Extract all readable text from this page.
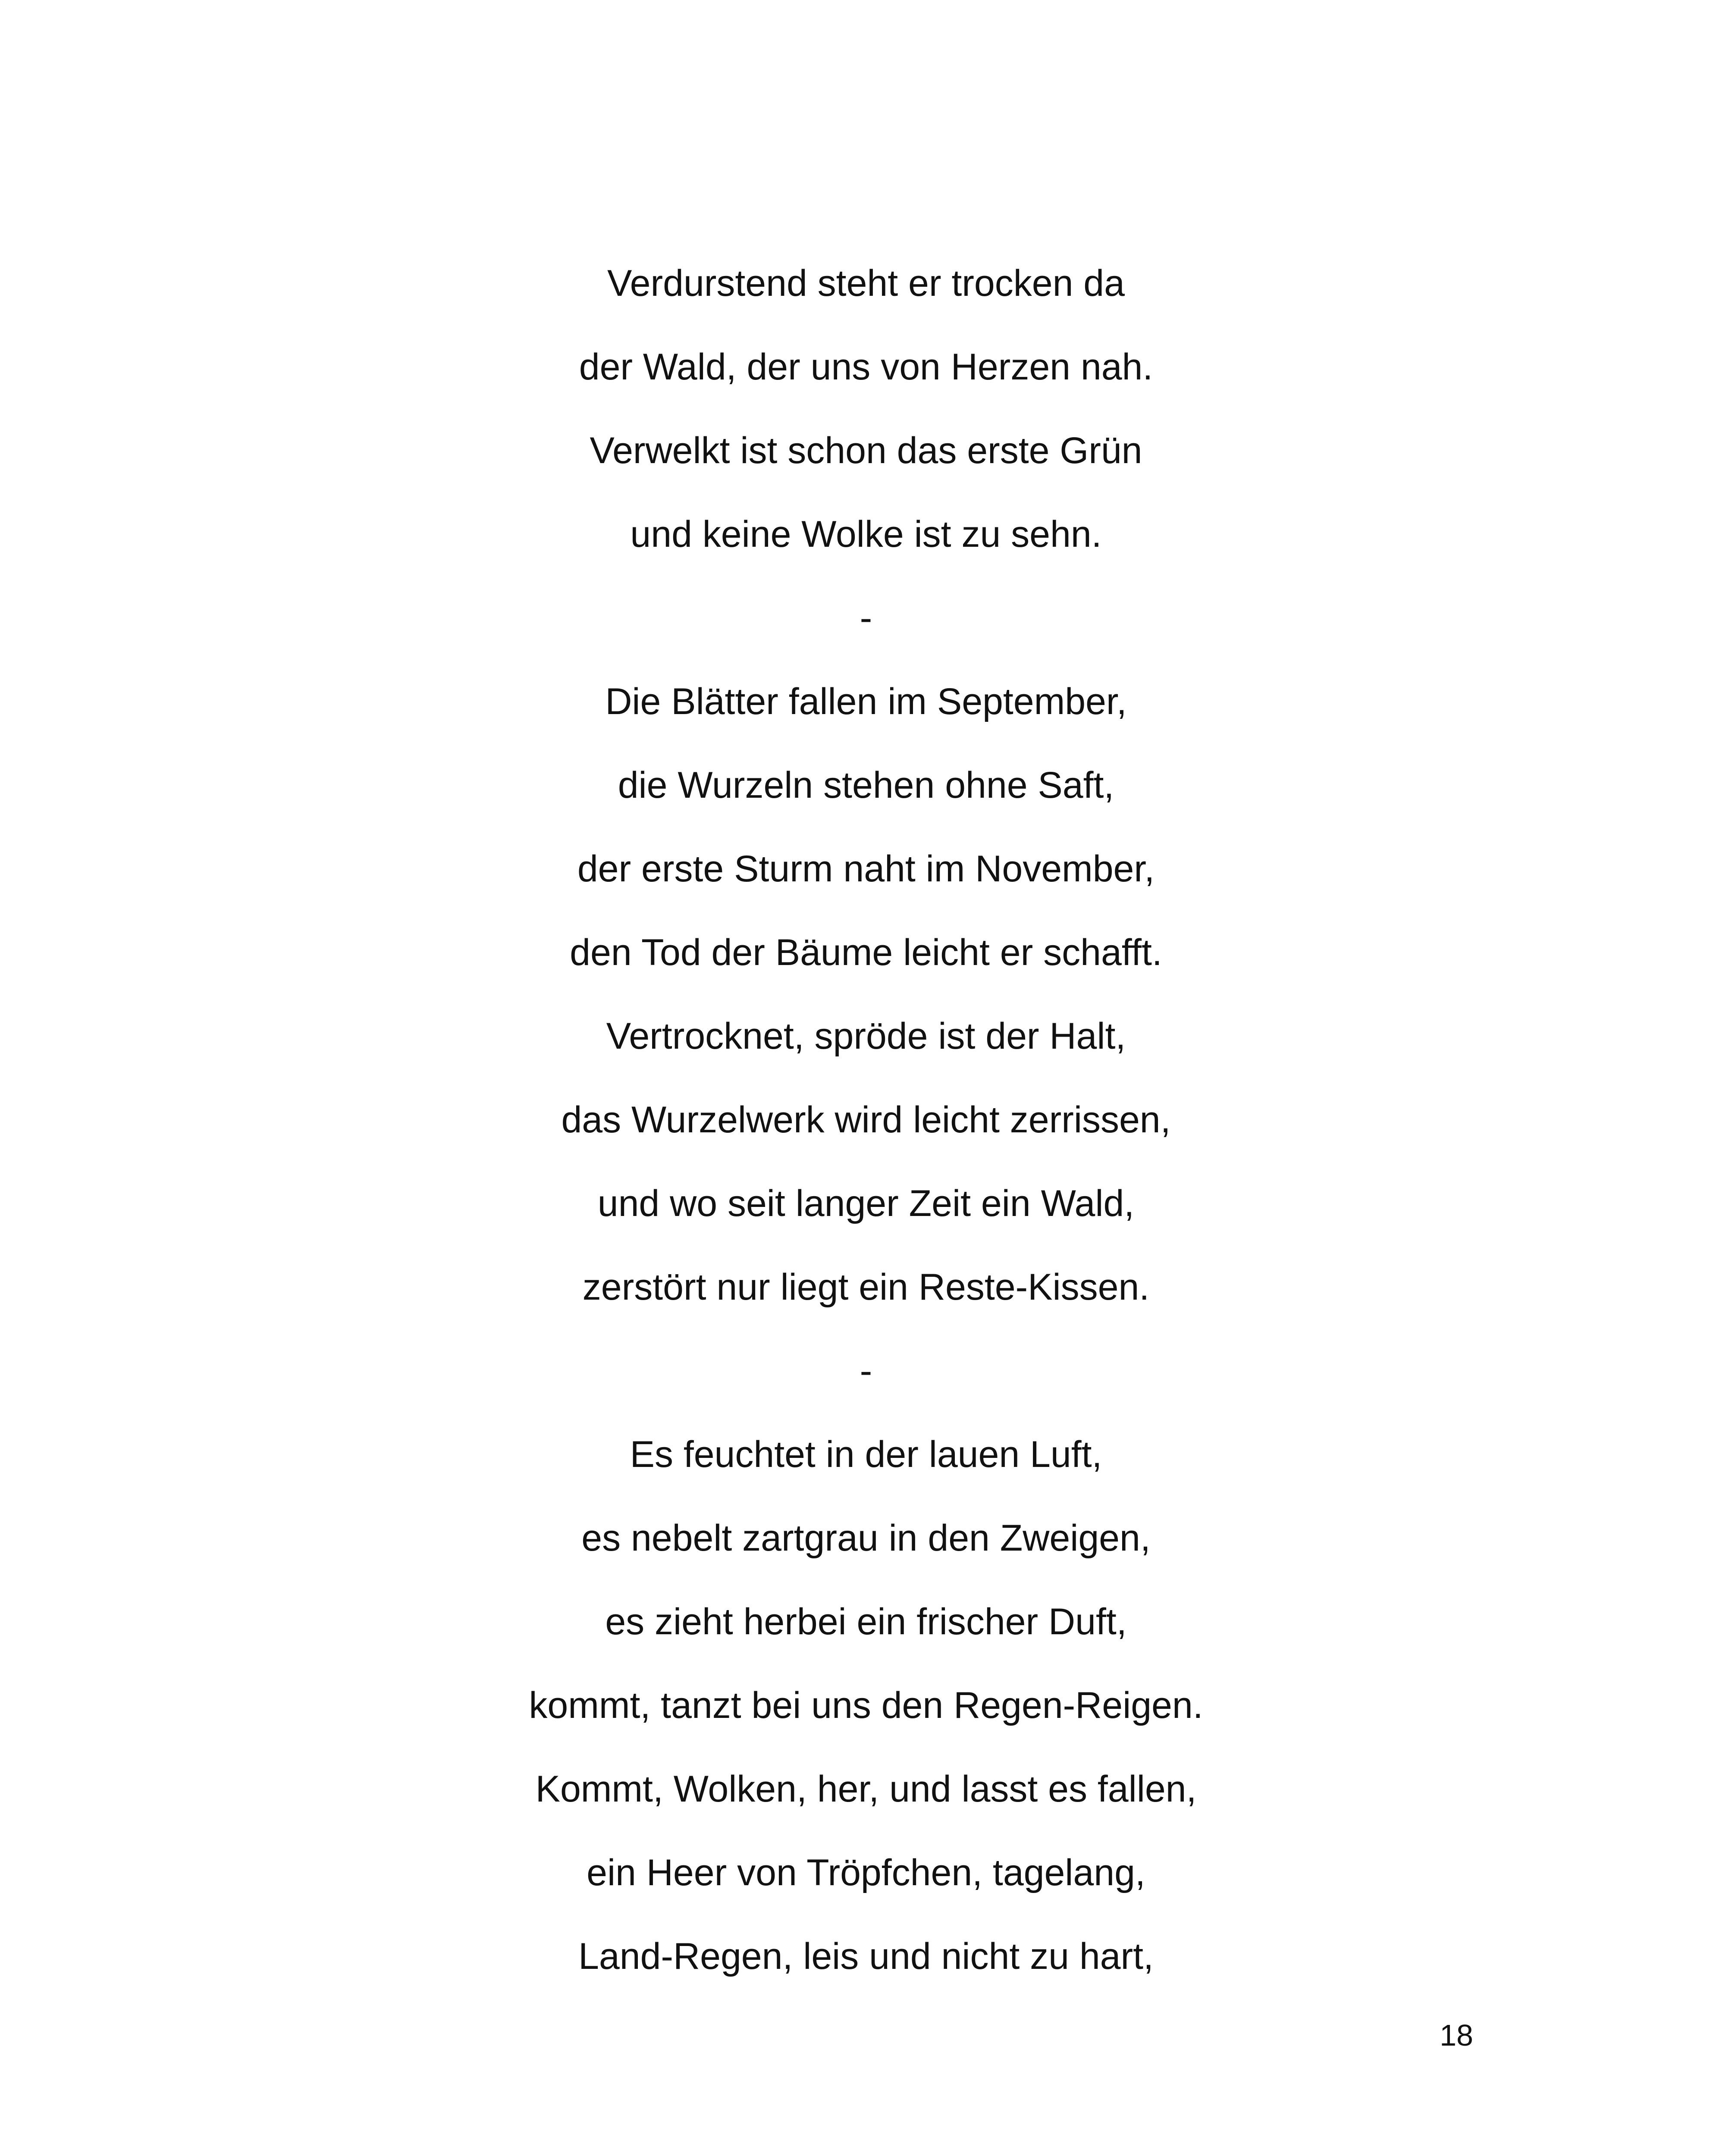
Verdurstend steht er trocken da
der Wald, der uns von Herzen nah.
Verwelkt ist schon das erste Grün
und keine Wolke ist zu sehn.
-
Die Blätter fallen im September,
die Wurzeln stehen ohne Saft,
der erste Sturm naht im November,
den Tod der Bäume leicht er schafft.
Vertrocknet, spröde ist der Halt,
das Wurzelwerk wird leicht zerrissen,
und wo seit langer Zeit ein Wald,
zerstört nur liegt ein Reste-Kissen.
-
Es feuchtet in der lauen Luft,
es nebelt zartgrau in den Zweigen,
es zieht herbei ein frischer Duft,
kommt, tanzt bei uns den Regen-Reigen.
Kommt, Wolken, her, und lasst es fallen,
ein Heer von Tröpfchen, tagelang,
Land-Regen, leis und nicht zu hart,
18
